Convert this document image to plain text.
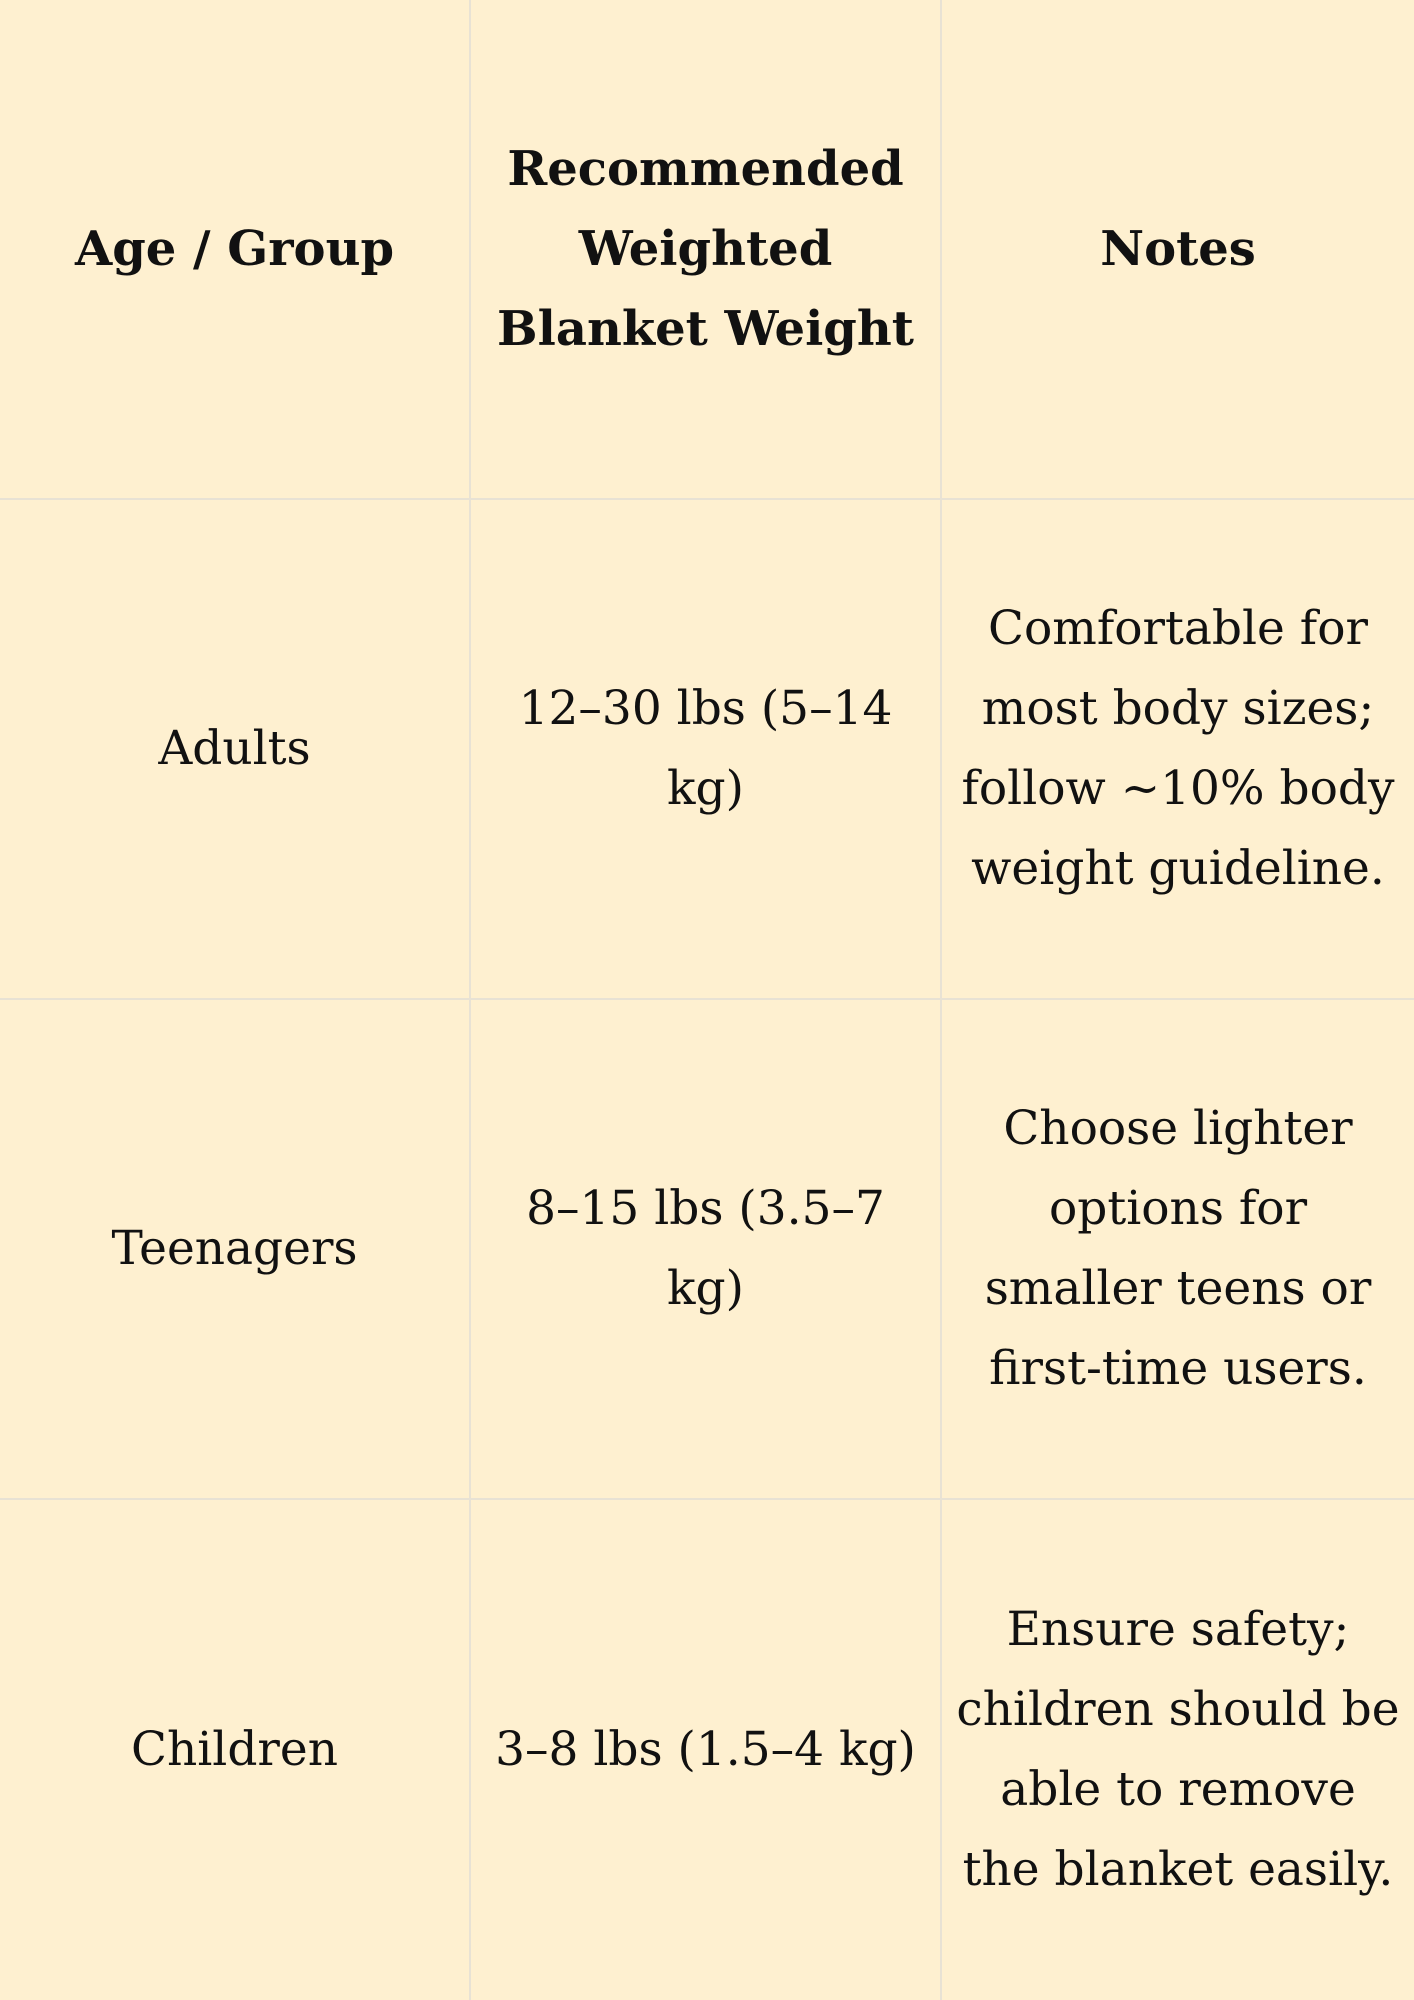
Age / Group
Recommended Weighted Blanket Weight
Notes
Adults
12–30 lbs (5–14 kg)
Comfortable for most body sizes; follow ~10% body weight guideline.
Teenagers
8–15 lbs (3.5–7 kg)
Choose lighter options for smaller teens or first-time users.
Children	3–8 lbs (1.5–4 kg)
Ensure safety; children should be able to remove the blanket easily.
